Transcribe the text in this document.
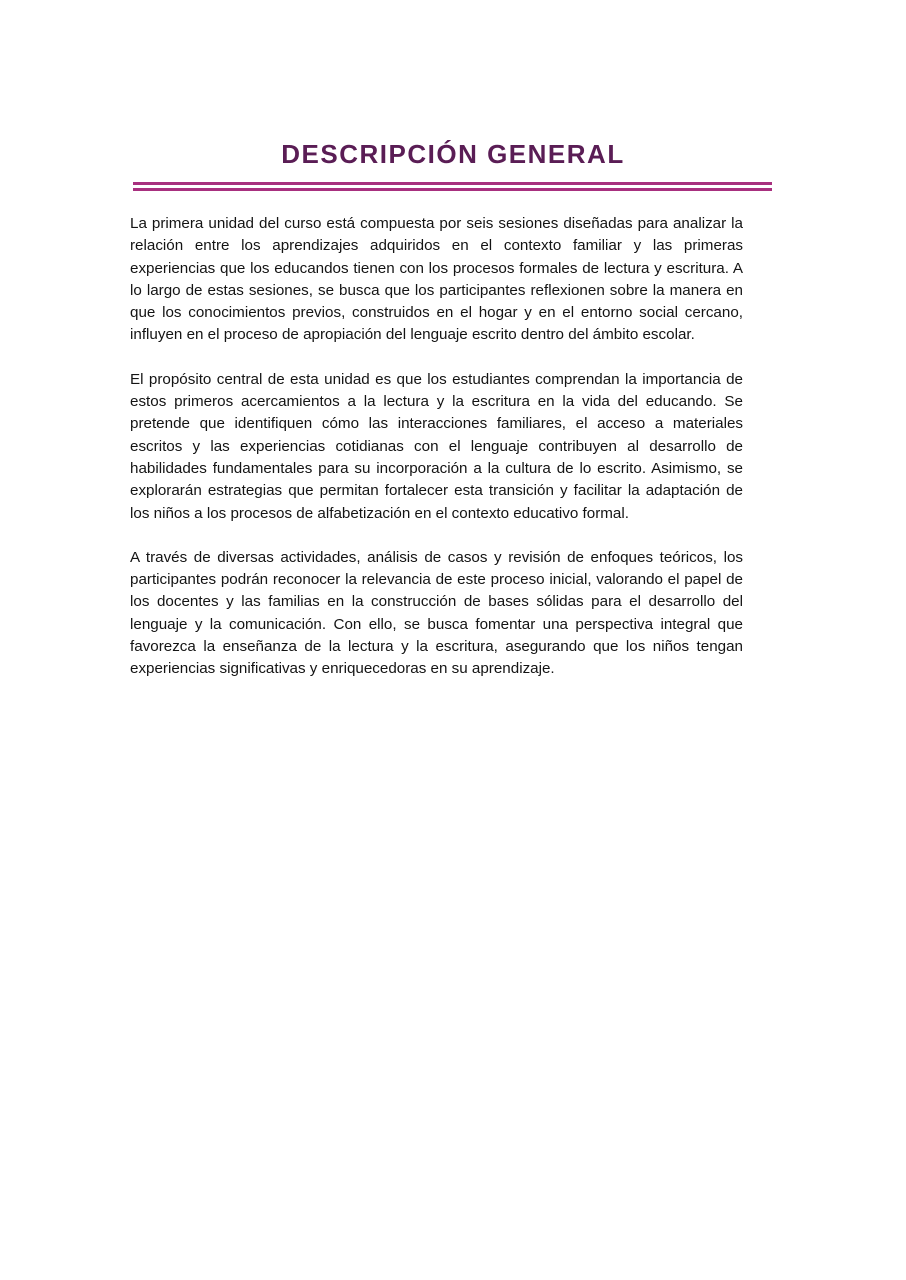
DESCRIPCIÓN GENERAL

La primera unidad del curso está compuesta por seis sesiones diseñadas para analizar la relación entre los aprendizajes adquiridos en el contexto familiar y las primeras experiencias que los educandos tienen con los procesos formales de lectura y escritura. A lo largo de estas sesiones, se busca que los participantes reflexionen sobre la manera en que los conocimientos previos, construidos en el hogar y en el entorno social cercano, influyen en el proceso de apropiación del lenguaje escrito dentro del ámbito escolar.

El propósito central de esta unidad es que los estudiantes comprendan la importancia de estos primeros acercamientos a la lectura y la escritura en la vida del educando. Se pretende que identifiquen cómo las interacciones familiares, el acceso a materiales escritos y las experiencias cotidianas con el lenguaje contribuyen al desarrollo de habilidades fundamentales para su incorporación a la cultura de lo escrito. Asimismo, se explorarán estrategias que permitan fortalecer esta transición y facilitar la adaptación de los niños a los procesos de alfabetización en el contexto educativo formal.

A través de diversas actividades, análisis de casos y revisión de enfoques teóricos, los participantes podrán reconocer la relevancia de este proceso inicial, valorando el papel de los docentes y las familias en la construcción de bases sólidas para el desarrollo del lenguaje y la comunicación. Con ello, se busca fomentar una perspectiva integral que favorezca la enseñanza de la lectura y la escritura, asegurando que los niños tengan experiencias significativas y enriquecedoras en su aprendizaje.
